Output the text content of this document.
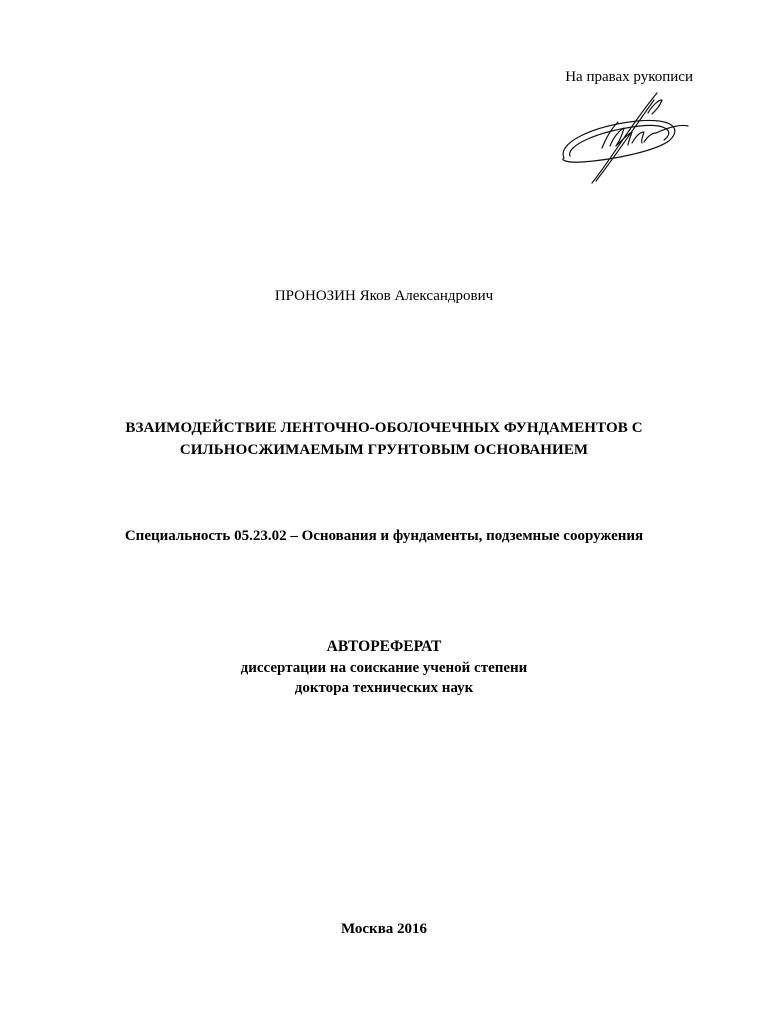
На правах рукописи
ПРОНОЗИН Яков Александрович
ВЗАИМОДЕЙСТВИЕ ЛЕНТОЧНО-ОБОЛОЧЕЧНЫХ ФУНДАМЕНТОВ С
СИЛЬНОСЖИМАЕМЫМ ГРУНТОВЫМ ОСНОВАНИЕМ
Специальность 05.23.02 – Основания и фундаменты, подземные сооружения
АВТОРЕФЕРАТ
диссертации на соискание ученой степени
доктора технических наук
Москва 2016
